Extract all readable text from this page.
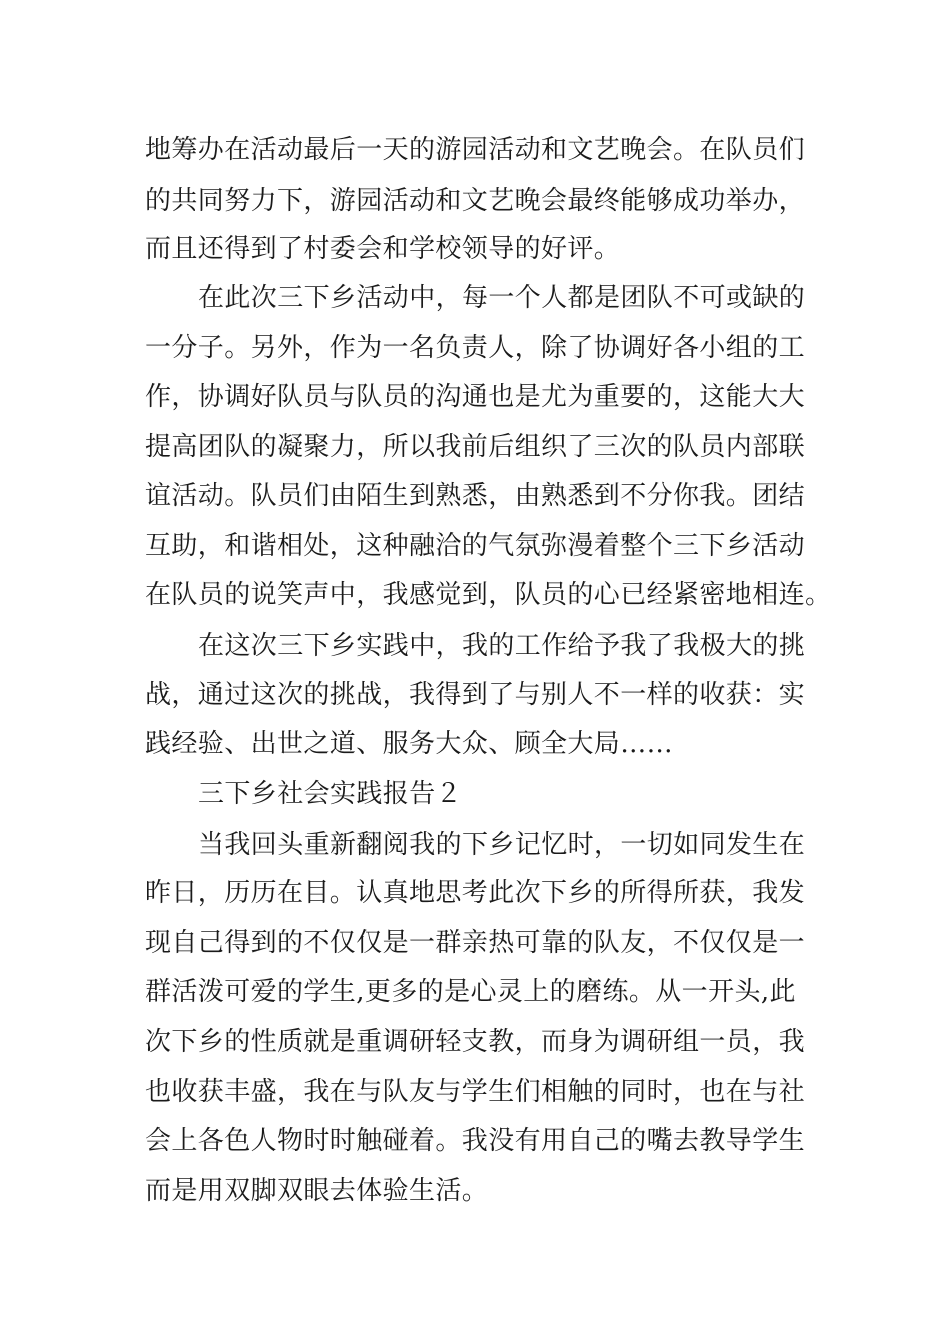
地筹办在活动最后一天的游园活动和文艺晚会。在队员们
的共同努力下，游园活动和文艺晚会最终能够成功举办，
而且还得到了村委会和学校领导的好评。
在此次三下乡活动中，每一个人都是团队不可或缺的
一分子。另外，作为一名负责人，除了协调好各小组的工
作，协调好队员与队员的沟通也是尤为重要的，这能大大
提高团队的凝聚力，所以我前后组织了三次的队员内部联
谊活动。队员们由陌生到熟悉，由熟悉到不分你我。团结
互助，和谐相处，这种融洽的气氛弥漫着整个三下乡活动
在队员的说笑声中，我感觉到，队员的心已经紧密地相连。
在这次三下乡实践中，我的工作给予我了我极大的挑
战，通过这次的挑战，我得到了与别人不一样的收获：实
践经验、出世之道、服务大众、顾全大局……
三下乡社会实践报告２
当我回头重新翻阅我的下乡记忆时，一切如同发生在
昨日，历历在目。认真地思考此次下乡的所得所获，我发
现自己得到的不仅仅是一群亲热可靠的队友，不仅仅是一
群活泼可爱的学生,更多的是心灵上的磨练。从一开头,此
次下乡的性质就是重调研轻支教，而身为调研组一员，我
也收获丰盛，我在与队友与学生们相触的同时，也在与社
会上各色人物时时触碰着。我没有用自己的嘴去教导学生
而是用双脚双眼去体验生活。
